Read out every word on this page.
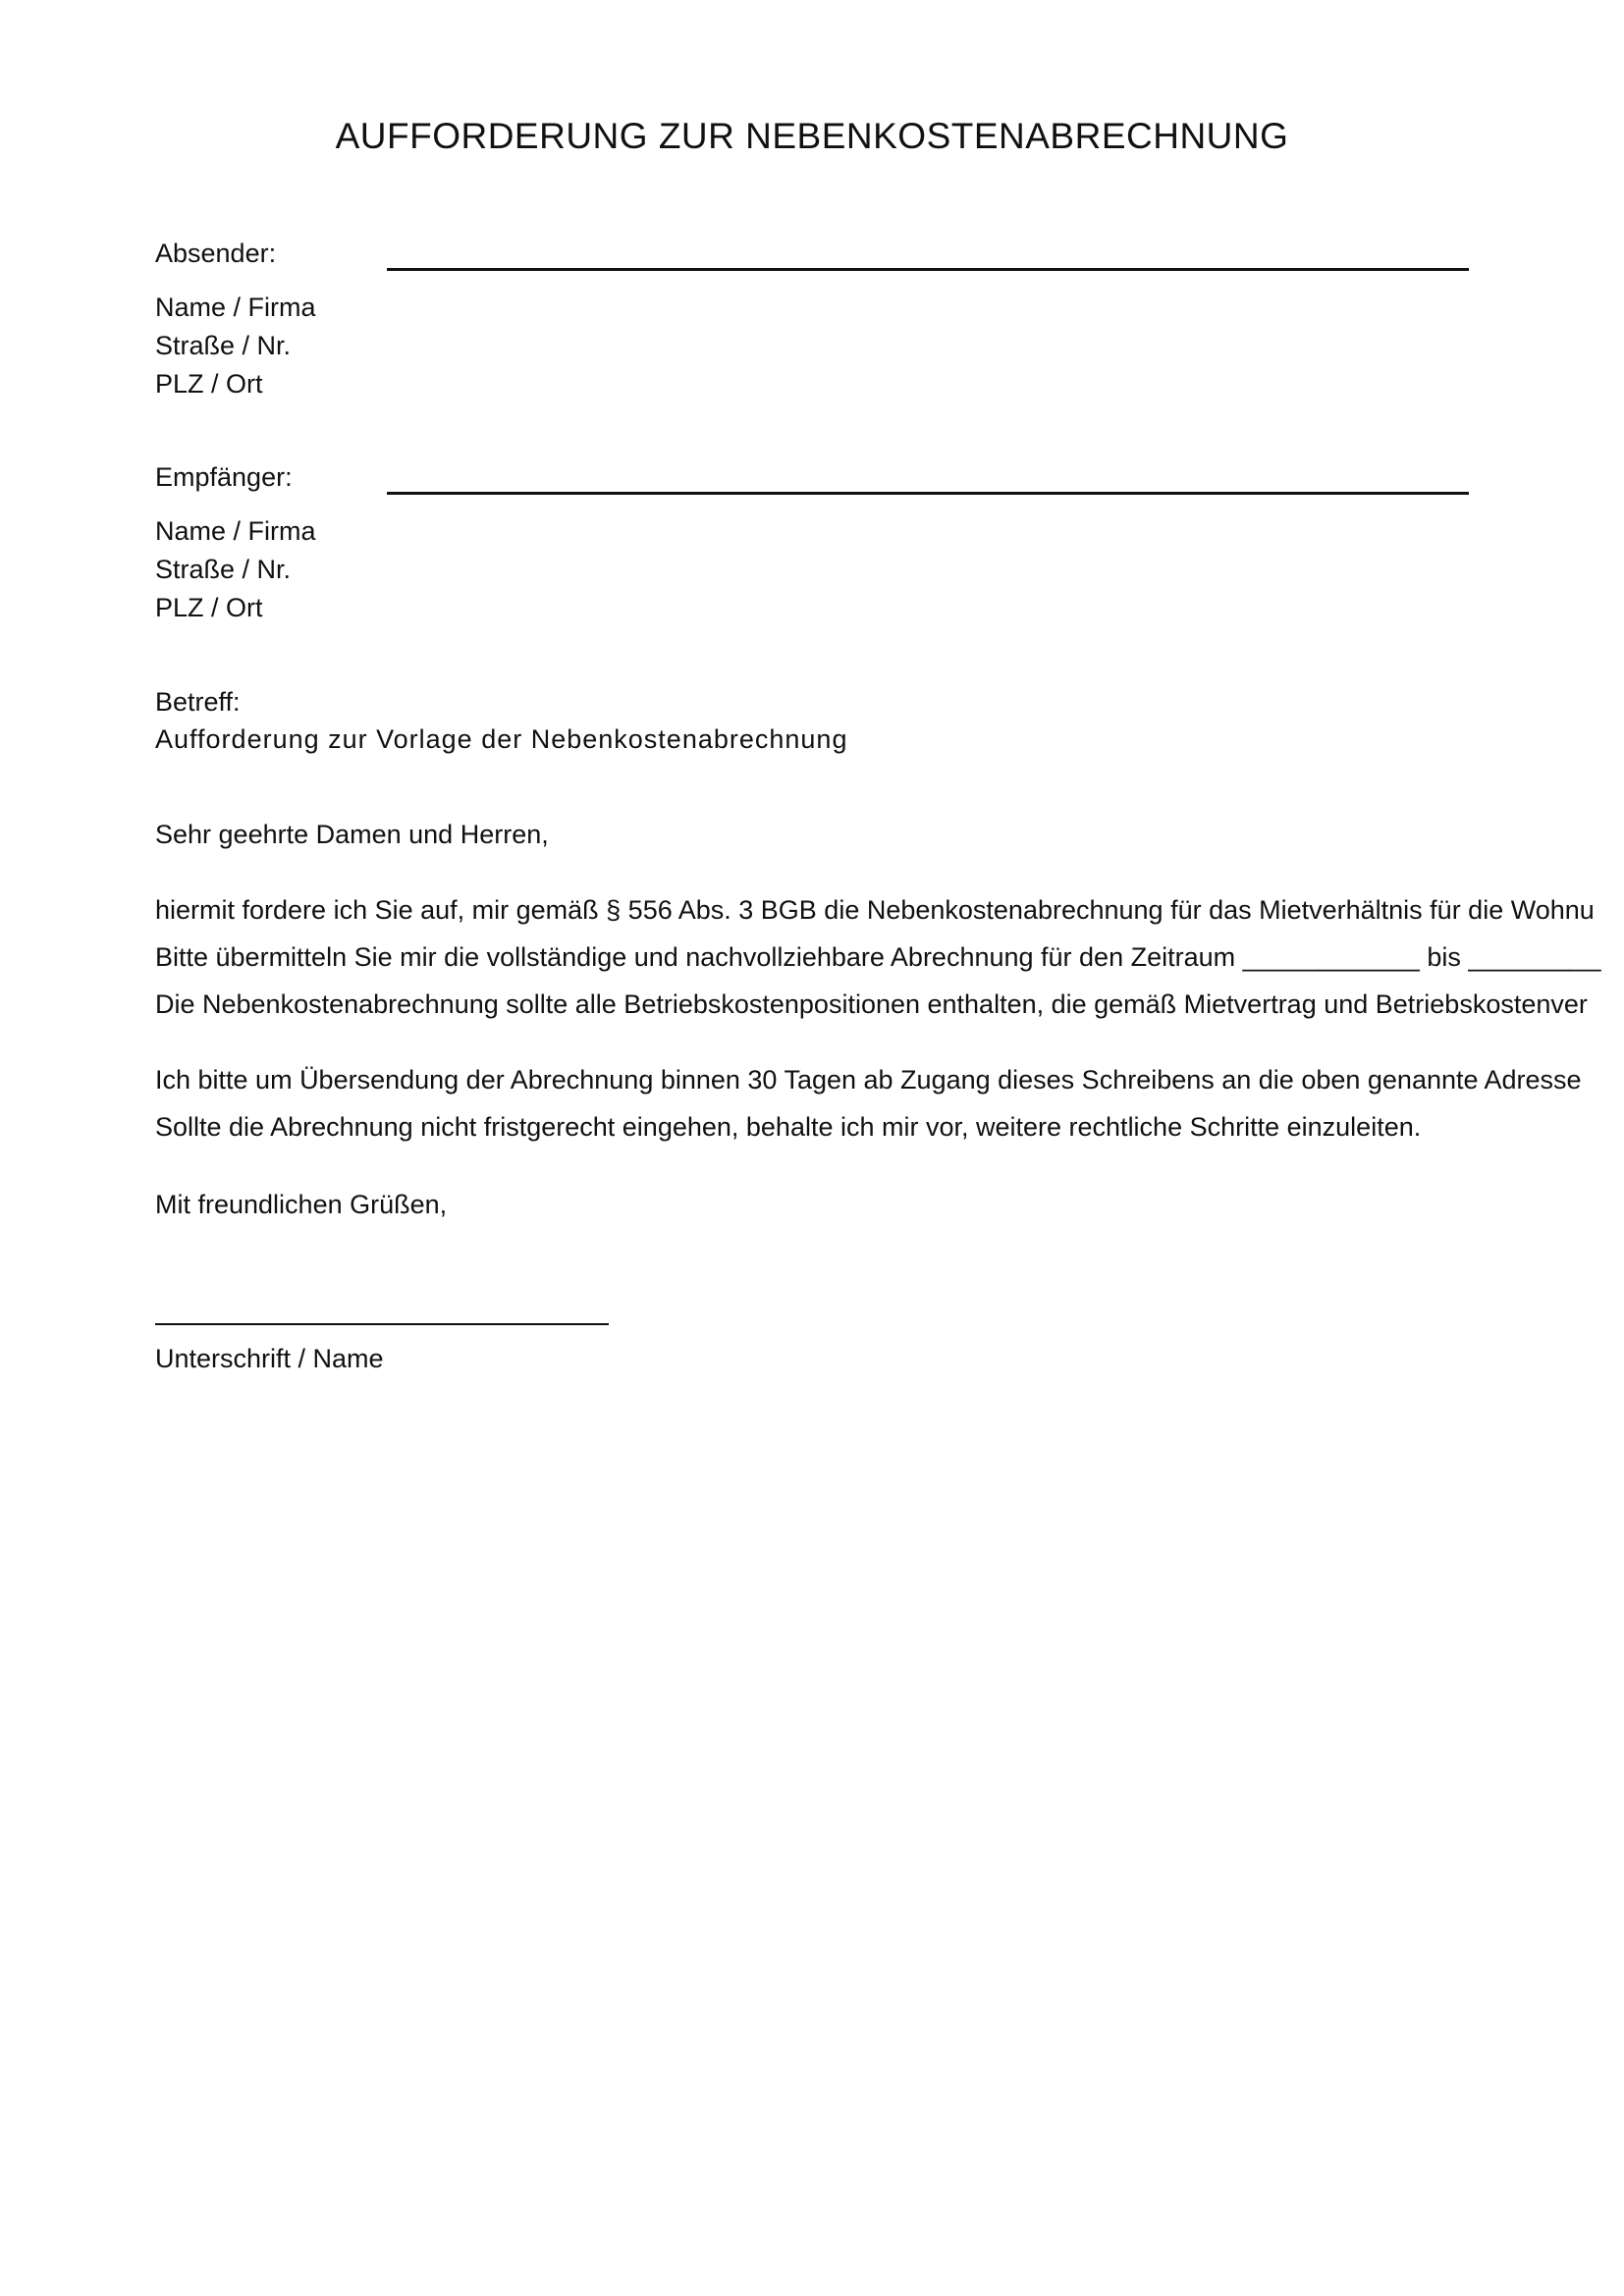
AUFFORDERUNG ZUR NEBENKOSTENABRECHNUNG

Absender:

Name / Firma

Straße / Nr.

PLZ / Ort

Empfänger:

Name / Firma

Straße / Nr.

PLZ / Ort

Betreff:

Aufforderung zur Vorlage der Nebenkostenabrechnung

Sehr geehrte Damen und Herren,

hiermit fordere ich Sie auf, mir gemäß § 556 Abs. 3 BGB die Nebenkostenabrechnung für das Mietverhältnis für die Wohnu

Bitte übermitteln Sie mir die vollständige und nachvollziehbare Abrechnung für den Zeitraum ____________ bis _________

Die Nebenkostenabrechnung sollte alle Betriebskostenpositionen enthalten, die gemäß Mietvertrag und Betriebskostenver

Ich bitte um Übersendung der Abrechnung binnen 30 Tagen ab Zugang dieses Schreibens an die oben genannte Adresse

Sollte die Abrechnung nicht fristgerecht eingehen, behalte ich mir vor, weitere rechtliche Schritte einzuleiten.

Mit freundlichen Grüßen,

Unterschrift / Name
